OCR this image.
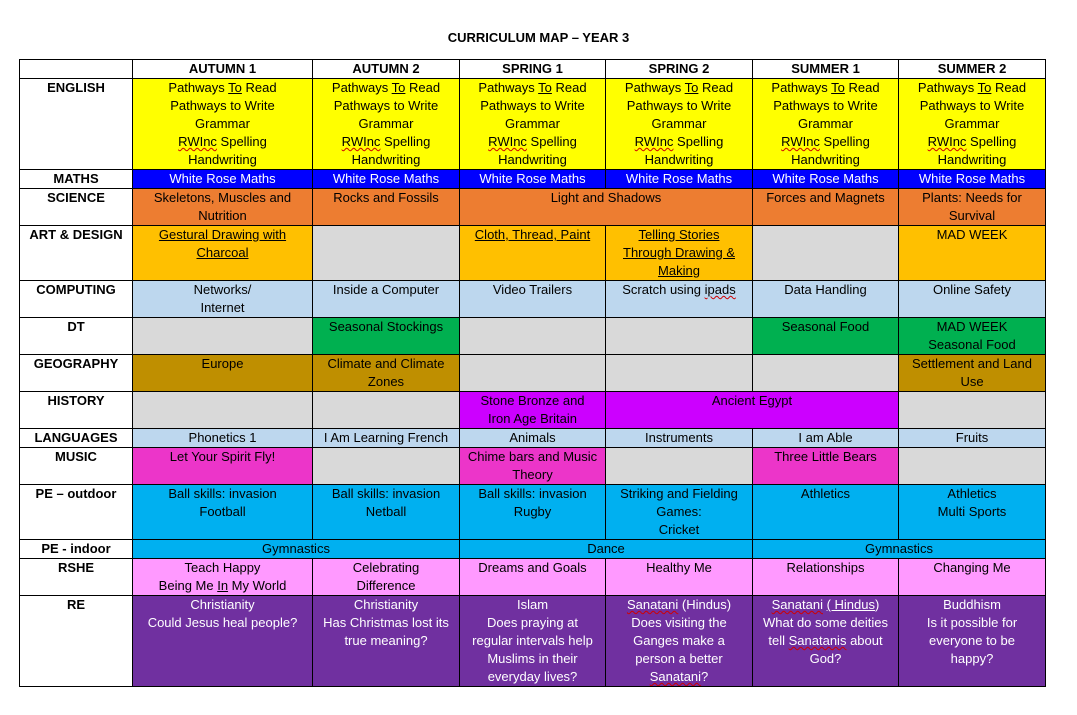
CURRICULUM MAP – YEAR 3
	AUTUMN 1	AUTUMN 2	SPRING 1	SPRING 2	SUMMER 1	SUMMER 2
ENGLISH	Pathways To Read
Pathways to Write
Grammar
RWInc Spelling
Handwriting	Pathways To Read
Pathways to Write
Grammar
RWInc Spelling
Handwriting	Pathways To Read
Pathways to Write
Grammar
RWInc Spelling
Handwriting	Pathways To Read
Pathways to Write
Grammar
RWInc Spelling
Handwriting	Pathways To Read
Pathways to Write
Grammar
RWInc Spelling
Handwriting	Pathways To Read
Pathways to Write
Grammar
RWInc Spelling
Handwriting

MATHS	White Rose Maths	White Rose Maths	White Rose Maths	White Rose Maths	White Rose Maths	White Rose Maths
SCIENCE	Skeletons, Muscles and
Nutrition	Rocks and Fossils	Light and Shadows		Forces and Magnets	Plants: Needs for
Survival

ART & DESIGN	Gestural Drawing with
Charcoal		Cloth, Thread, Paint	Telling Stories
Through Drawing &
Making		MAD WEEK
COMPUTING	Networks/
Internet	Inside a Computer	Video Trailers	Scratch using ipads	Data Handling	Online Safety
DT		Seasonal Stockings			Seasonal Food	MAD WEEK
Seasonal Food

GEOGRAPHY	Europe	Climate and Climate
Zones				Settlement and Land
Use

HISTORY			Stone Bronze and
Iron Age Britain	Ancient Egypt		
LANGUAGES	Phonetics 1	I Am Learning French	Animals	Instruments	I am Able	Fruits
MUSIC	Let Your Spirit Fly!		Chime bars and Music
Theory		Three Little Bears	
PE – outdoor	Ball skills: invasion
Football	Ball skills: invasion
Netball	Ball skills: invasion
Rugby	Striking and Fielding
Games:
Cricket	Athletics	Athletics
Multi Sports

PE - indoor	Gymnastics		Dance		Gymnastics	
RSHE	Teach Happy
Being Me In My World	Celebrating
Difference	Dreams and Goals	Healthy Me	Relationships	Changing Me
RE	Christianity
Could Jesus heal people?	Christianity
Has Christmas lost its
true meaning?	Islam
Does praying at
regular intervals help
Muslims in their
everyday lives?	Sanatani (Hindus)
Does visiting the
Ganges make a
person a better
Sanatani?	Sanatani ( Hindus)
What do some deities
tell Sanatanis about
God?	Buddhism
Is it possible for
everyone to be
happy?
